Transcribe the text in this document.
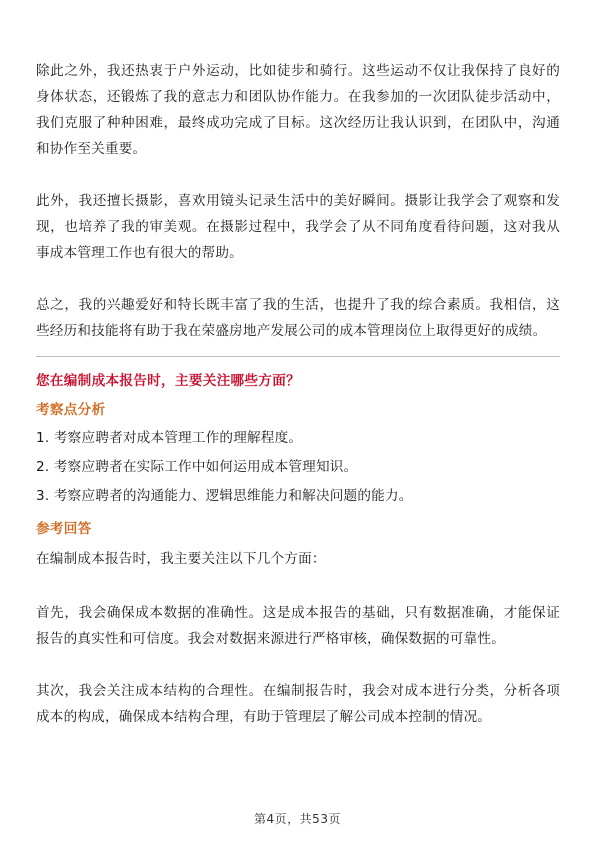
除此之外，我还热衷于户外运动，比如徒步和骑行。这些运动不仅让我保持了良好的身体状态，还锻炼了我的意志力和团队协作能力。在我参加的一次团队徒步活动中，我们克服了种种困难，最终成功完成了目标。这次经历让我认识到，在团队中，沟通和协作至关重要。

此外，我还擅长摄影，喜欢用镜头记录生活中的美好瞬间。摄影让我学会了观察和发现，也培养了我的审美观。在摄影过程中，我学会了从不同角度看待问题，这对我从事成本管理工作也有很大的帮助。

总之，我的兴趣爱好和特长既丰富了我的生活，也提升了我的综合素质。我相信，这些经历和技能将有助于我在荣盛房地产发展公司的成本管理岗位上取得更好的成绩。

您在编制成本报告时，主要关注哪些方面？
考察点分析
1. 考察应聘者对成本管理工作的理解程度。
2. 考察应聘者在实际工作中如何运用成本管理知识。
3. 考察应聘者的沟通能力、逻辑思维能力和解决问题的能力。
参考回答

在编制成本报告时，我主要关注以下几个方面：

首先，我会确保成本数据的准确性。这是成本报告的基础，只有数据准确，才能保证报告的真实性和可信度。我会对数据来源进行严格审核，确保数据的可靠性。

其次，我会关注成本结构的合理性。在编制报告时，我会对成本进行分类，分析各项成本的构成，确保成本结构合理，有助于管理层了解公司成本控制的情况。

第4页，共53页
